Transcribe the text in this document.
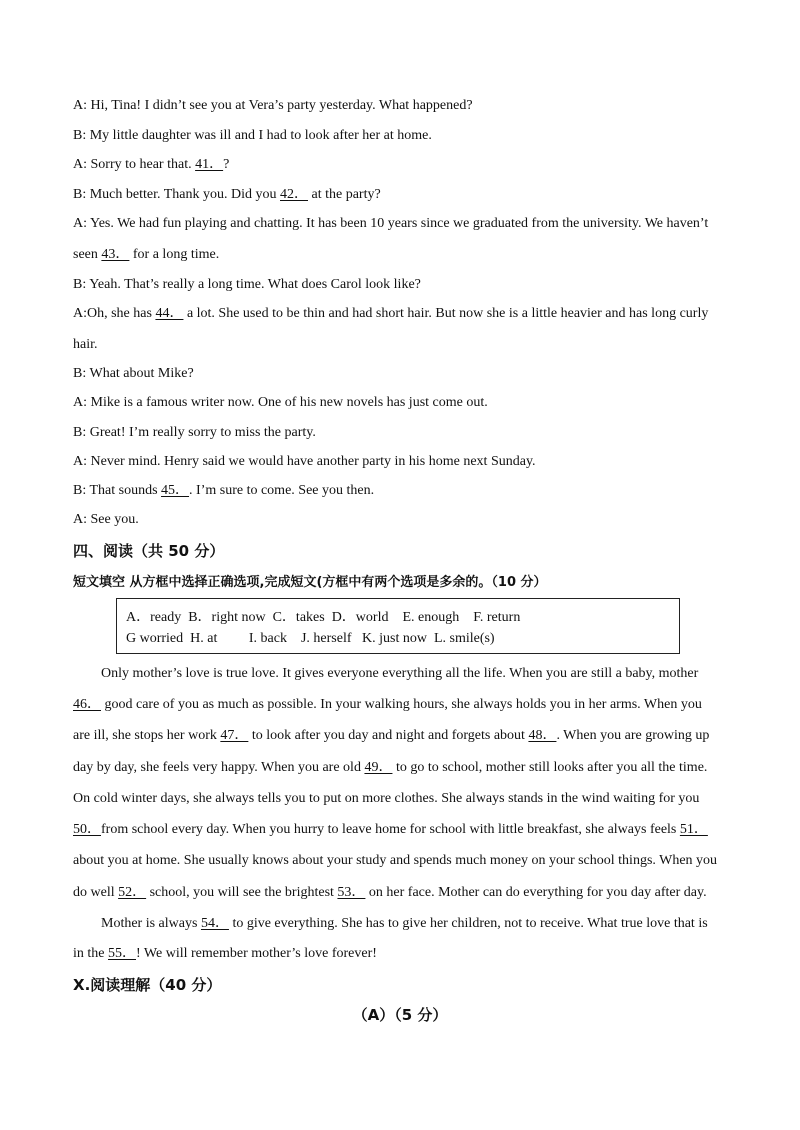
A: Hi, Tina! I didn’t see you at Vera’s party yesterday. What happened?
B: My little daughter was ill and I had to look after her at home.
A: Sorry to hear that. 41．?
B: Much better. Thank you. Did you 42． at the party?
A: Yes. We had fun playing and chatting. It has been 10 years since we graduated from the university. We haven’t
seen 43． for a long time.
B: Yeah. That’s really a long time. What does Carol look like?
A:Oh, she has 44． a lot. She used to be thin and had short hair. But now she is a little heavier and has long curly
hair.
B: What about Mike?
A: Mike is a famous writer now. One of his new novels has just come out.
B: Great! I’m really sorry to miss the party.
A: Never mind. Henry said we would have another party in his home next Sunday.
B: That sounds 45．. I’m sure to come. See you then.
A: See you.
四、阅读（共 50 分）
短文填空 从方框中选择正确选项,完成短文(方框中有两个选项是多余的。（10 分）
A．ready  B．right now  C．takes  D．world    E. enough    F. return
G worried  H. at         I. back    J. herself   K. just now  L. smile(s)
Only mother’s love is true love. It gives everyone everything all the life. When you are still a baby, mother
46． good care of you as much as possible. In your walking hours, she always holds you in her arms. When you
are ill, she stops her work 47． to look after you day and night and forgets about 48．. When you are growing up
day by day, she feels very happy. When you are old 49． to go to school, mother still looks after you all the time.
On cold winter days, she always tells you to put on more clothes. She always stands in the wind waiting for you
50．from school every day. When you hurry to leave home for school with little breakfast, she always feels 51．
about you at home. She usually knows about your study and spends much money on your school things. When you
do well 52． school, you will see the brightest 53． on her face. Mother can do everything for you day after day.
Mother is always 54． to give everything. She has to give her children, not to receive. What true love that is
in the 55．! We will remember mother’s love forever!
X.阅读理解（40 分）
（A）（5 分）
